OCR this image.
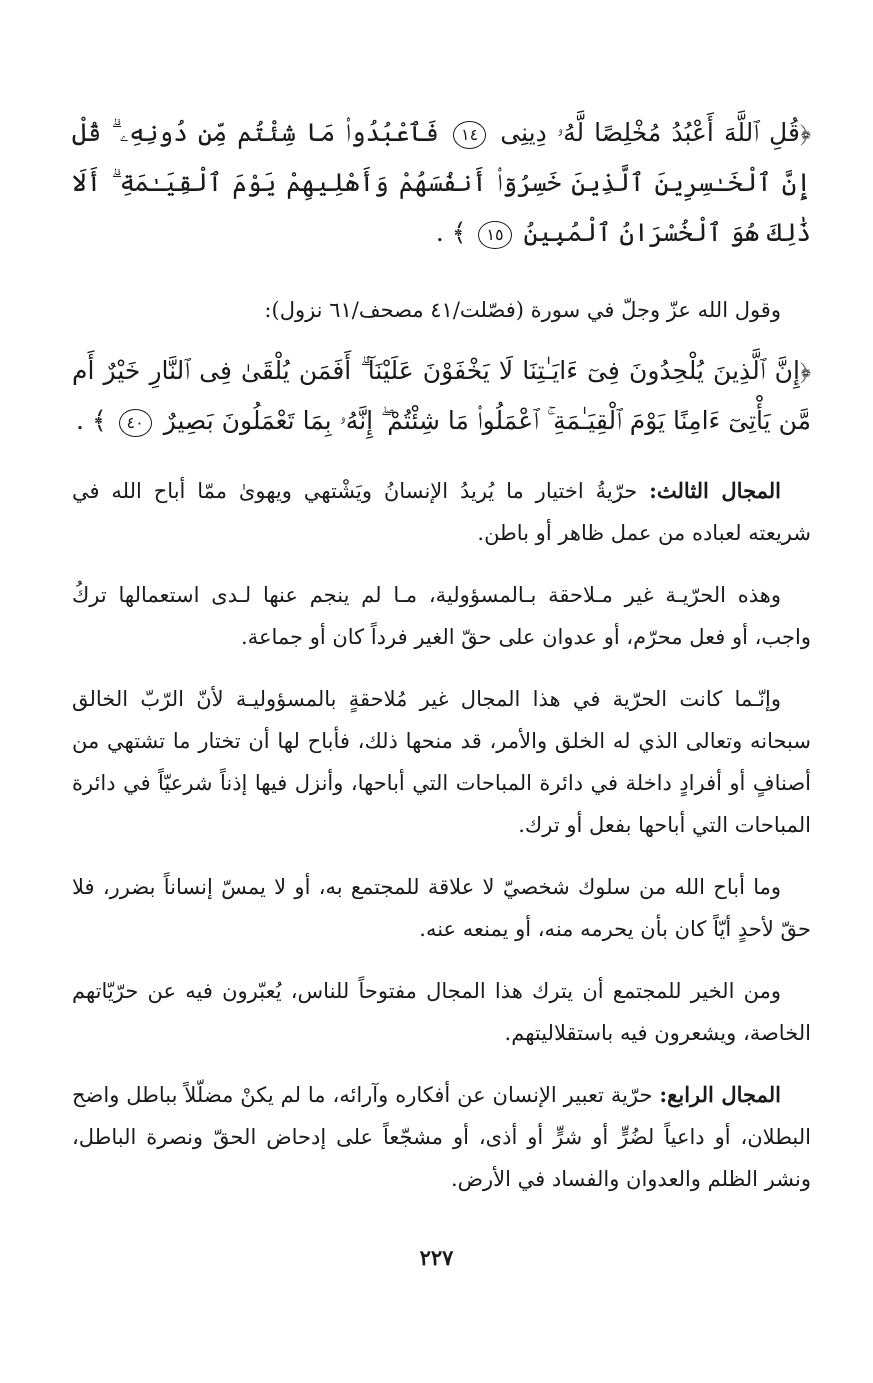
﴿قُلِ ٱللَّهَ أَعْبُدُ مُخْلِصًا لَّهُۥ دِينِى ١٤ فَٱعْبُدُوا۟ مَا شِئْتُم مِّن دُونِهِۦ ۗ قُلْ إِنَّ ٱلْخَـٰسِرِينَ ٱلَّذِينَ خَسِرُوٓا۟ أَنفُسَهُمْ وَأَهْلِيهِمْ يَوْمَ ٱلْقِيَـٰمَةِ ۗ أَلَا ذَٰلِكَ هُوَ ٱلْخُسْرَانُ ٱلْمُبِينُ ١٥ ﴾ .

وقول الله عزّ وجلّ في سورة (فصّلت/٤١ مصحف/٦١ نزول):

﴿إِنَّ ٱلَّذِينَ يُلْحِدُونَ فِىٓ ءَايَـٰتِنَا لَا يَخْفَوْنَ عَلَيْنَآ ۗ أَفَمَن يُلْقَىٰ فِى ٱلنَّارِ خَيْرٌ أَم مَّن يَأْتِىٓ ءَامِنًا يَوْمَ ٱلْقِيَـٰمَةِ ۚ ٱعْمَلُوا۟ مَا شِئْتُمْ ۖ إِنَّهُۥ بِمَا تَعْمَلُونَ بَصِيرٌ ٤٠ ﴾ .

المجال الثالث: حرّيةُ اختيار ما يُريدُ الإنسانُ ويَشْتهي ويهوىٰ ممّا أباح الله في شريعته لعباده من عمل ظاهر أو باطن.

وهذه الحرّيـة غير مـلاحقة بـالمسؤولية، مـا لم ينجم عنها لـدى استعمالها تركُ واجب، أو فعل محرّم، أو عدوان على حقّ الغير فرداً كان أو جماعة.

وإنّـما كانت الحرّية في هذا المجال غير مُلاحقةٍ بالمسؤوليـة لأنّ الرّبّ الخالق سبحانه وتعالى الذي له الخلق والأمر، قد منحها ذلك، فأباح لها أن تختار ما تشتهي من أصنافٍ أو أفرادٍ داخلة في دائرة المباحات التي أباحها، وأنزل فيها إذناً شرعيّاً في دائرة المباحات التي أباحها بفعل أو ترك.

وما أباح الله من سلوك شخصيّ لا علاقة للمجتمع به، أو لا يمسّ إنساناً بضرر، فلا حقّ لأحدٍ أيّاً كان بأن يحرمه منه، أو يمنعه عنه.

ومن الخير للمجتمع أن يترك هذا المجال مفتوحاً للناس، يُعبّرون فيه عن حرّيّاتهم الخاصة، ويشعرون فيه باستقلاليتهم.

المجال الرابع: حرّية تعبير الإنسان عن أفكاره وآرائه، ما لم يكنْ مضلّلاً بباطل واضح البطلان، أو داعياً لضُرٍّ أو شرٍّ أو أذى، أو مشجّعاً على إدحاض الحقّ ونصرة الباطل، ونشر الظلم والعدوان والفساد في الأرض.

٢٢٧
